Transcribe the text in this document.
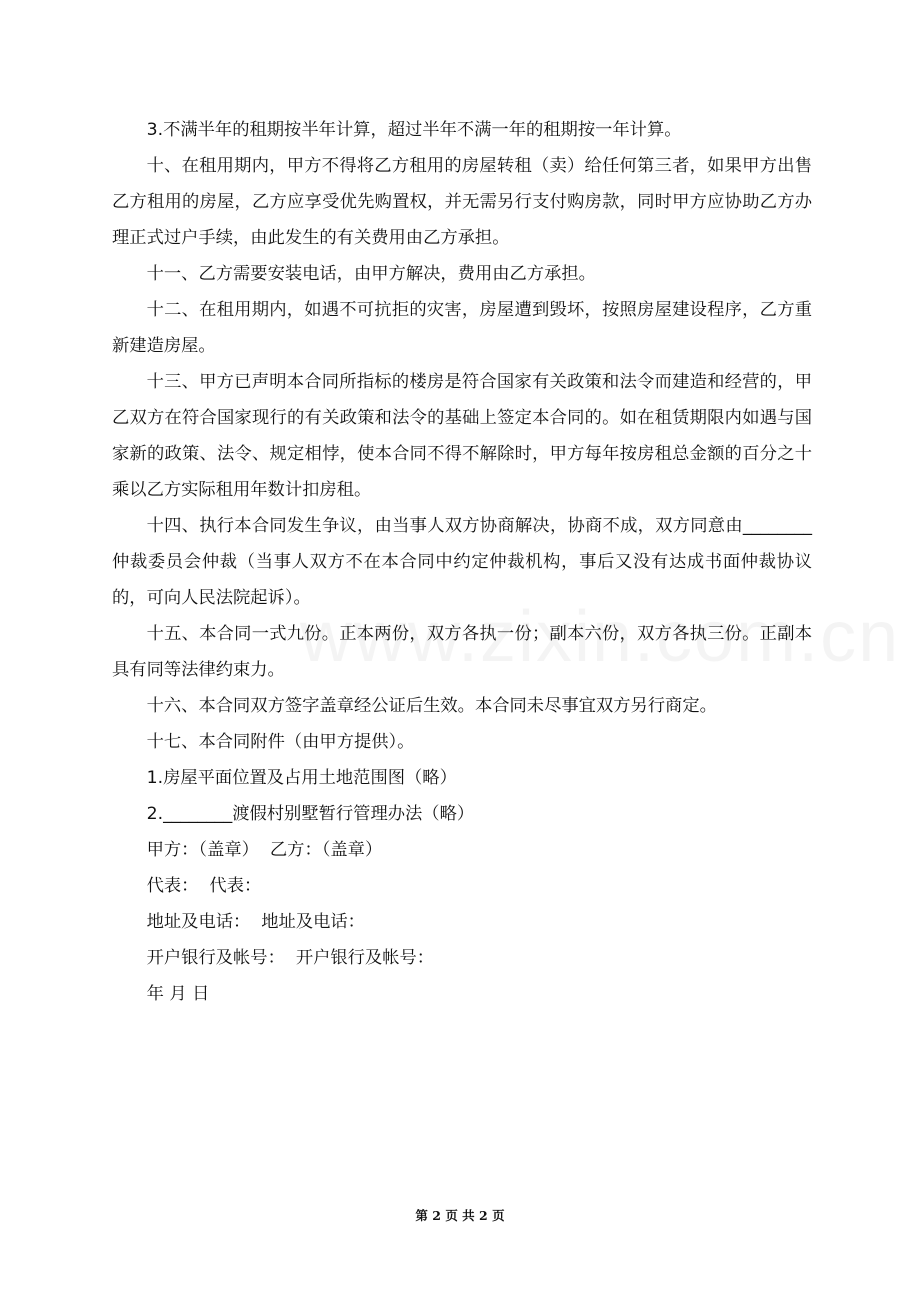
3.不满半年的租期按半年计算，超过半年不满一年的租期按一年计算。

十、在租用期内，甲方不得将乙方租用的房屋转租（卖）给任何第三者，如果甲方出售乙方租用的房屋，乙方应享受优先购置权，并无需另行支付购房款，同时甲方应协助乙方办理正式过户手续，由此发生的有关费用由乙方承担。

十一、乙方需要安装电话，由甲方解决，费用由乙方承担。

十二、在租用期内，如遇不可抗拒的灾害，房屋遭到毁坏，按照房屋建设程序，乙方重新建造房屋。

十三、甲方已声明本合同所指标的楼房是符合国家有关政策和法令而建造和经营的，甲乙双方在符合国家现行的有关政策和法令的基础上签定本合同的。如在租赁期限内如遇与国家新的政策、法令、规定相悖，使本合同不得不解除时，甲方每年按房租总金额的百分之十乘以乙方实际租用年数计扣房租。

十四、执行本合同发生争议，由当事人双方协商解决，协商不成，双方同意由________仲裁委员会仲裁（当事人双方不在本合同中约定仲裁机构，事后又没有达成书面仲裁协议的，可向人民法院起诉）。

十五、本合同一式九份。正本两份，双方各执一份；副本六份，双方各执三份。正副本具有同等法律约束力。

十六、本合同双方签字盖章经公证后生效。本合同未尽事宜双方另行商定。

十七、本合同附件（由甲方提供）。

1.房屋平面位置及占用土地范围图（略）

2.________渡假村别墅暂行管理办法（略）

甲方：（盖章）  乙方：（盖章）

代表：  代表：

地址及电话：  地址及电话：

开户银行及帐号：  开户银行及帐号：

年 月 日

第 2 页 共 2 页
